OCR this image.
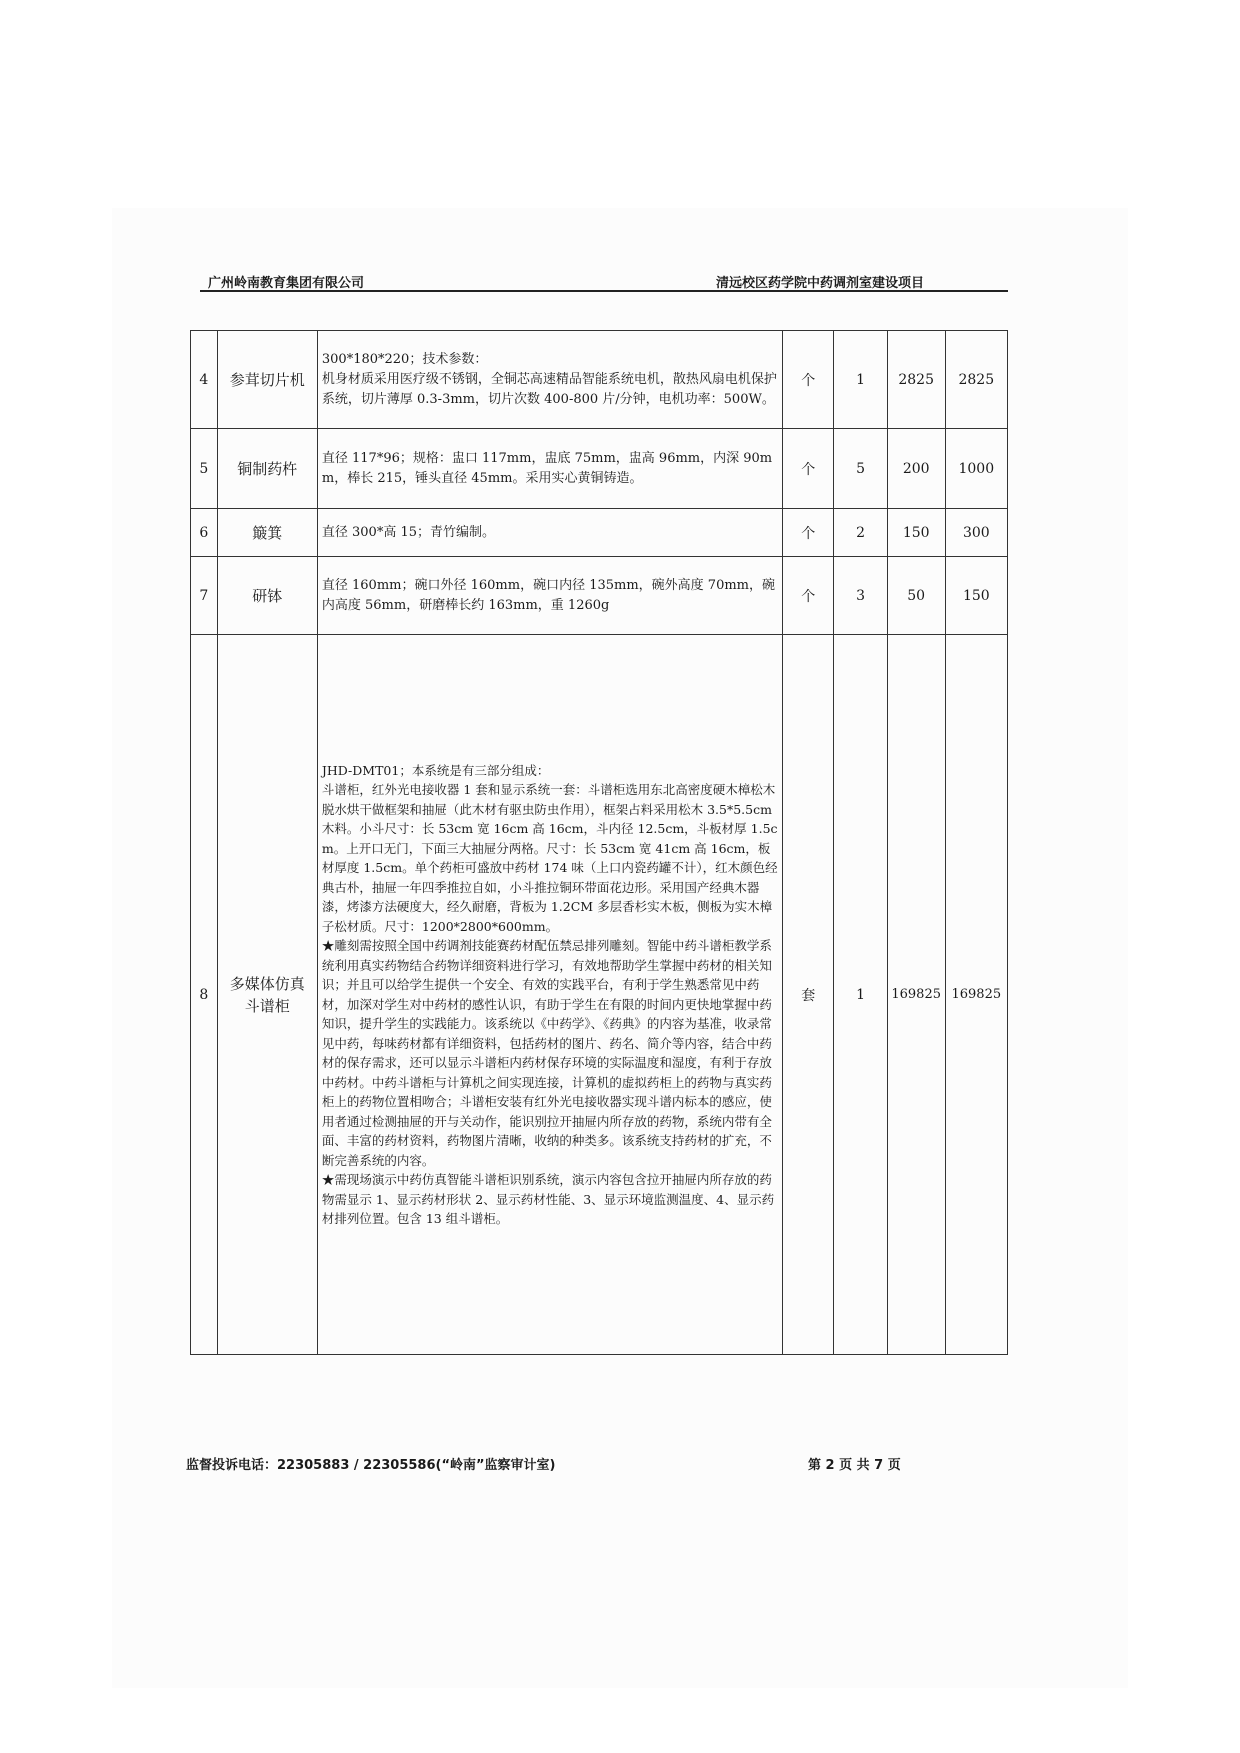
广州岭南教育集团有限公司	清远校区药学院中药调剂室建设项目
4	参茸切片机	300*180*220；技术参数：
机身材质采用医疗级不锈钢，全铜芯高速精品智能系统电机，散热风扇电机保护系统，切片薄厚 0.3-3mm，切片次数 400-800 片/分钟，电机功率：500W。	个	1	2825	2825
5	铜制药杵	直径 117*96；规格：盅口 117mm，盅底 75mm，盅高 96mm，内深 90mm，棒长 215，锤头直径 45mm。采用实心黄铜铸造。	个	5	200	1000
6	簸箕	直径 300*高 15；青竹编制。	个	2	150	300
7	研钵	直径 160mm；碗口外径 160mm，碗口内径 135mm，碗外高度 70mm，碗内高度 56mm，研磨棒长约 163mm，重 1260g	个	3	50	150
8	多媒体仿真斗谱柜	JHD-DMT01；本系统是有三部分组成：
斗谱柜，红外光电接收器 1 套和显示系统一套：斗谱柜选用东北高密度硬木樟松木脱水烘干做框架和抽屉（此木材有驱虫防虫作用），框架占料采用松木 3.5*5.5cm 木料。小斗尺寸：长 53cm 宽 16cm 高 16cm，斗内径 12.5cm，斗板材厚 1.5cm。上开口无门，下面三大抽屉分两格。尺寸：长 53cm 宽 41cm 高 16cm，板材厚度 1.5cm。单个药柜可盛放中药材 174 味（上口内瓷药罐不计），红木颜色经典古朴，抽屉一年四季推拉自如，小斗推拉铜环带面花边形。采用国产经典木器漆，烤漆方法硬度大，经久耐磨，背板为 1.2CM 多层香杉实木板，侧板为实木樟子松材质。尺寸：1200*2800*600mm。
★雕刻需按照全国中药调剂技能赛药材配伍禁忌排列雕刻。智能中药斗谱柜教学系统利用真实药物结合药物详细资料进行学习，有效地帮助学生掌握中药材的相关知识；并且可以给学生提供一个安全、有效的实践平台，有利于学生熟悉常见中药材，加深对学生对中药材的感性认识，有助于学生在有限的时间内更快地掌握中药知识，提升学生的实践能力。该系统以《中药学》、《药典》的内容为基准，收录常见中药，每味药材都有详细资料，包括药材的图片、药名、简介等内容，结合中药材的保存需求，还可以显示斗谱柜内药材保存环境的实际温度和湿度，有利于存放中药材。中药斗谱柜与计算机之间实现连接，计算机的虚拟药柜上的药物与真实药柜上的药物位置相吻合；斗谱柜安装有红外光电接收器实现斗谱内标本的感应，使用者通过检测抽屉的开与关动作，能识别拉开抽屉内所存放的药物，系统内带有全面、丰富的药材资料，药物图片清晰，收纳的种类多。该系统支持药材的扩充，不断完善系统的内容。
★需现场演示中药仿真智能斗谱柜识别系统，演示内容包含拉开抽屉内所存放的药物需显示 1、显示药材形状 2、显示药材性能、3、显示环境监测温度、4、显示药材排列位置。包含 13 组斗谱柜。	套	1	169825	169825
监督投诉电话：22305883 / 22305586(“岭南”监察审计室)	第 2 页 共 7 页
